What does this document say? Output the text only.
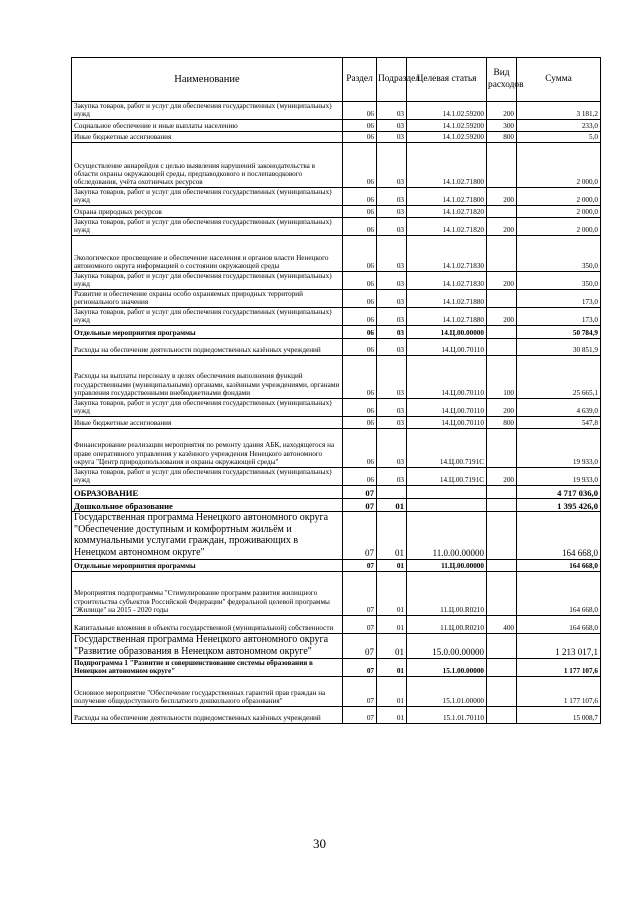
Наименование	Раздел	Подраздел	Целевая статья	Вид расходов	Сумма
Закупка товаров, работ и услуг для обеспечения государственных (муниципальных) нужд	06	03	14.1.02.59200	200	3 181,2
Социальное обеспечение и иные выплаты населению	06	03	14.1.02.59200	300	233,0
Иные бюджетные ассигнования	06	03	14.1.02.59200	800	5,0
Осуществление авиарейдов с целью выявления нарушений законодательства в области охраны окружающей среды, предпаводкового и послепаводкового обследования, учёта охотничьих ресурсов	06	03	14.1.02.71800		2 000,0
Закупка товаров, работ и услуг для обеспечения государственных (муниципальных) нужд	06	03	14.1.02.71800	200	2 000,0
Охрана природных ресурсов	06	03	14.1.02.71820		2 000,0
Закупка товаров, работ и услуг для обеспечения государственных (муниципальных) нужд	06	03	14.1.02.71820	200	2 000,0
Экологическое просвещение и обеспечение населения и органов власти Ненецкого автономного округа информацией о состоянии окружающей среды	06	03	14.1.02.71830		350,0
Закупка товаров, работ и услуг для обеспечения государственных (муниципальных) нужд	06	03	14.1.02.71830	200	350,0
Развитие и обеспечение охраны особо охраняемых природных территорий регионального значения	06	03	14.1.02.71880		173,0
Закупка товаров, работ и услуг для обеспечения государственных (муниципальных) нужд	06	03	14.1.02.71880	200	173,0
Отдельные мероприятия программы	06	03	14.Ц.00.00000		50 784,9
Расходы на обеспечение деятельности подведомственных казённых учреждений	06	03	14.Ц.00.70110		30 851,9
Расходы на выплаты персоналу в целях обеспечения выполнения функций государственными (муниципальными) органами, казёнными учреждениями, органами управления государственными внебюджетными фондами	06	03	14.Ц.00.70110	100	25 665,1
Закупка товаров, работ и услуг для обеспечения государственных (муниципальных) нужд	06	03	14.Ц.00.70110	200	4 639,0
Иные бюджетные ассигнования	06	03	14.Ц.00.70110	800	547,8
Финансирование реализации мероприятия по ремонту здания АБК, находящегося на праве оперативного управления у казённого учреждения Ненецкого автономного округа "Центр природопользования и охраны окружающей среды"	06	03	14.Ц.00.7191С		19 933,0
Закупка товаров, работ и услуг для обеспечения государственных (муниципальных) нужд	06	03	14.Ц.00.7191С	200	19 933,0
ОБРАЗОВАНИЕ	07				4 717 036,0
Дошкольное образование	07	01			1 395 426,0
Государственная программа Ненецкого автономного округа "Обеспечение доступным и комфортным жильём и коммунальными услугами граждан, проживающих в Ненецком автономном округе"	07	01	11.0.00.00000		164 668,0
Отдельные мероприятия программы	07	01	11.Ц.00.00000		164 668,0
Мероприятия подпрограммы "Стимулирование программ развития жилищного строительства субъектов Российской Федерации" федеральной целевой программы "Жилище" на 2015 - 2020 годы	07	01	11.Ц.00.R0210		164 668,0
Капитальные вложения в объекты государственной (муниципальной) собственности	07	01	11.Ц.00.R0210	400	164 668,0
Государственная программа Ненецкого автономного округа "Развитие образования в Ненецком автономном округе"	07	01	15.0.00.00000		1 213 017,1
Подпрограмма 1 "Развитие и совершенствование системы образования в Ненецком автономном округе"	07	01	15.1.00.00000		1 177 107,6
Основное мероприятие "Обеспечение государственных гарантий прав граждан на получение общедоступного бесплатного дошкольного образования"	07	01	15.1.01.00000		1 177 107,6
Расходы на обеспечение деятельности подведомственных казённых учреждений	07	01	15.1.01.70110		15 008,7
30
